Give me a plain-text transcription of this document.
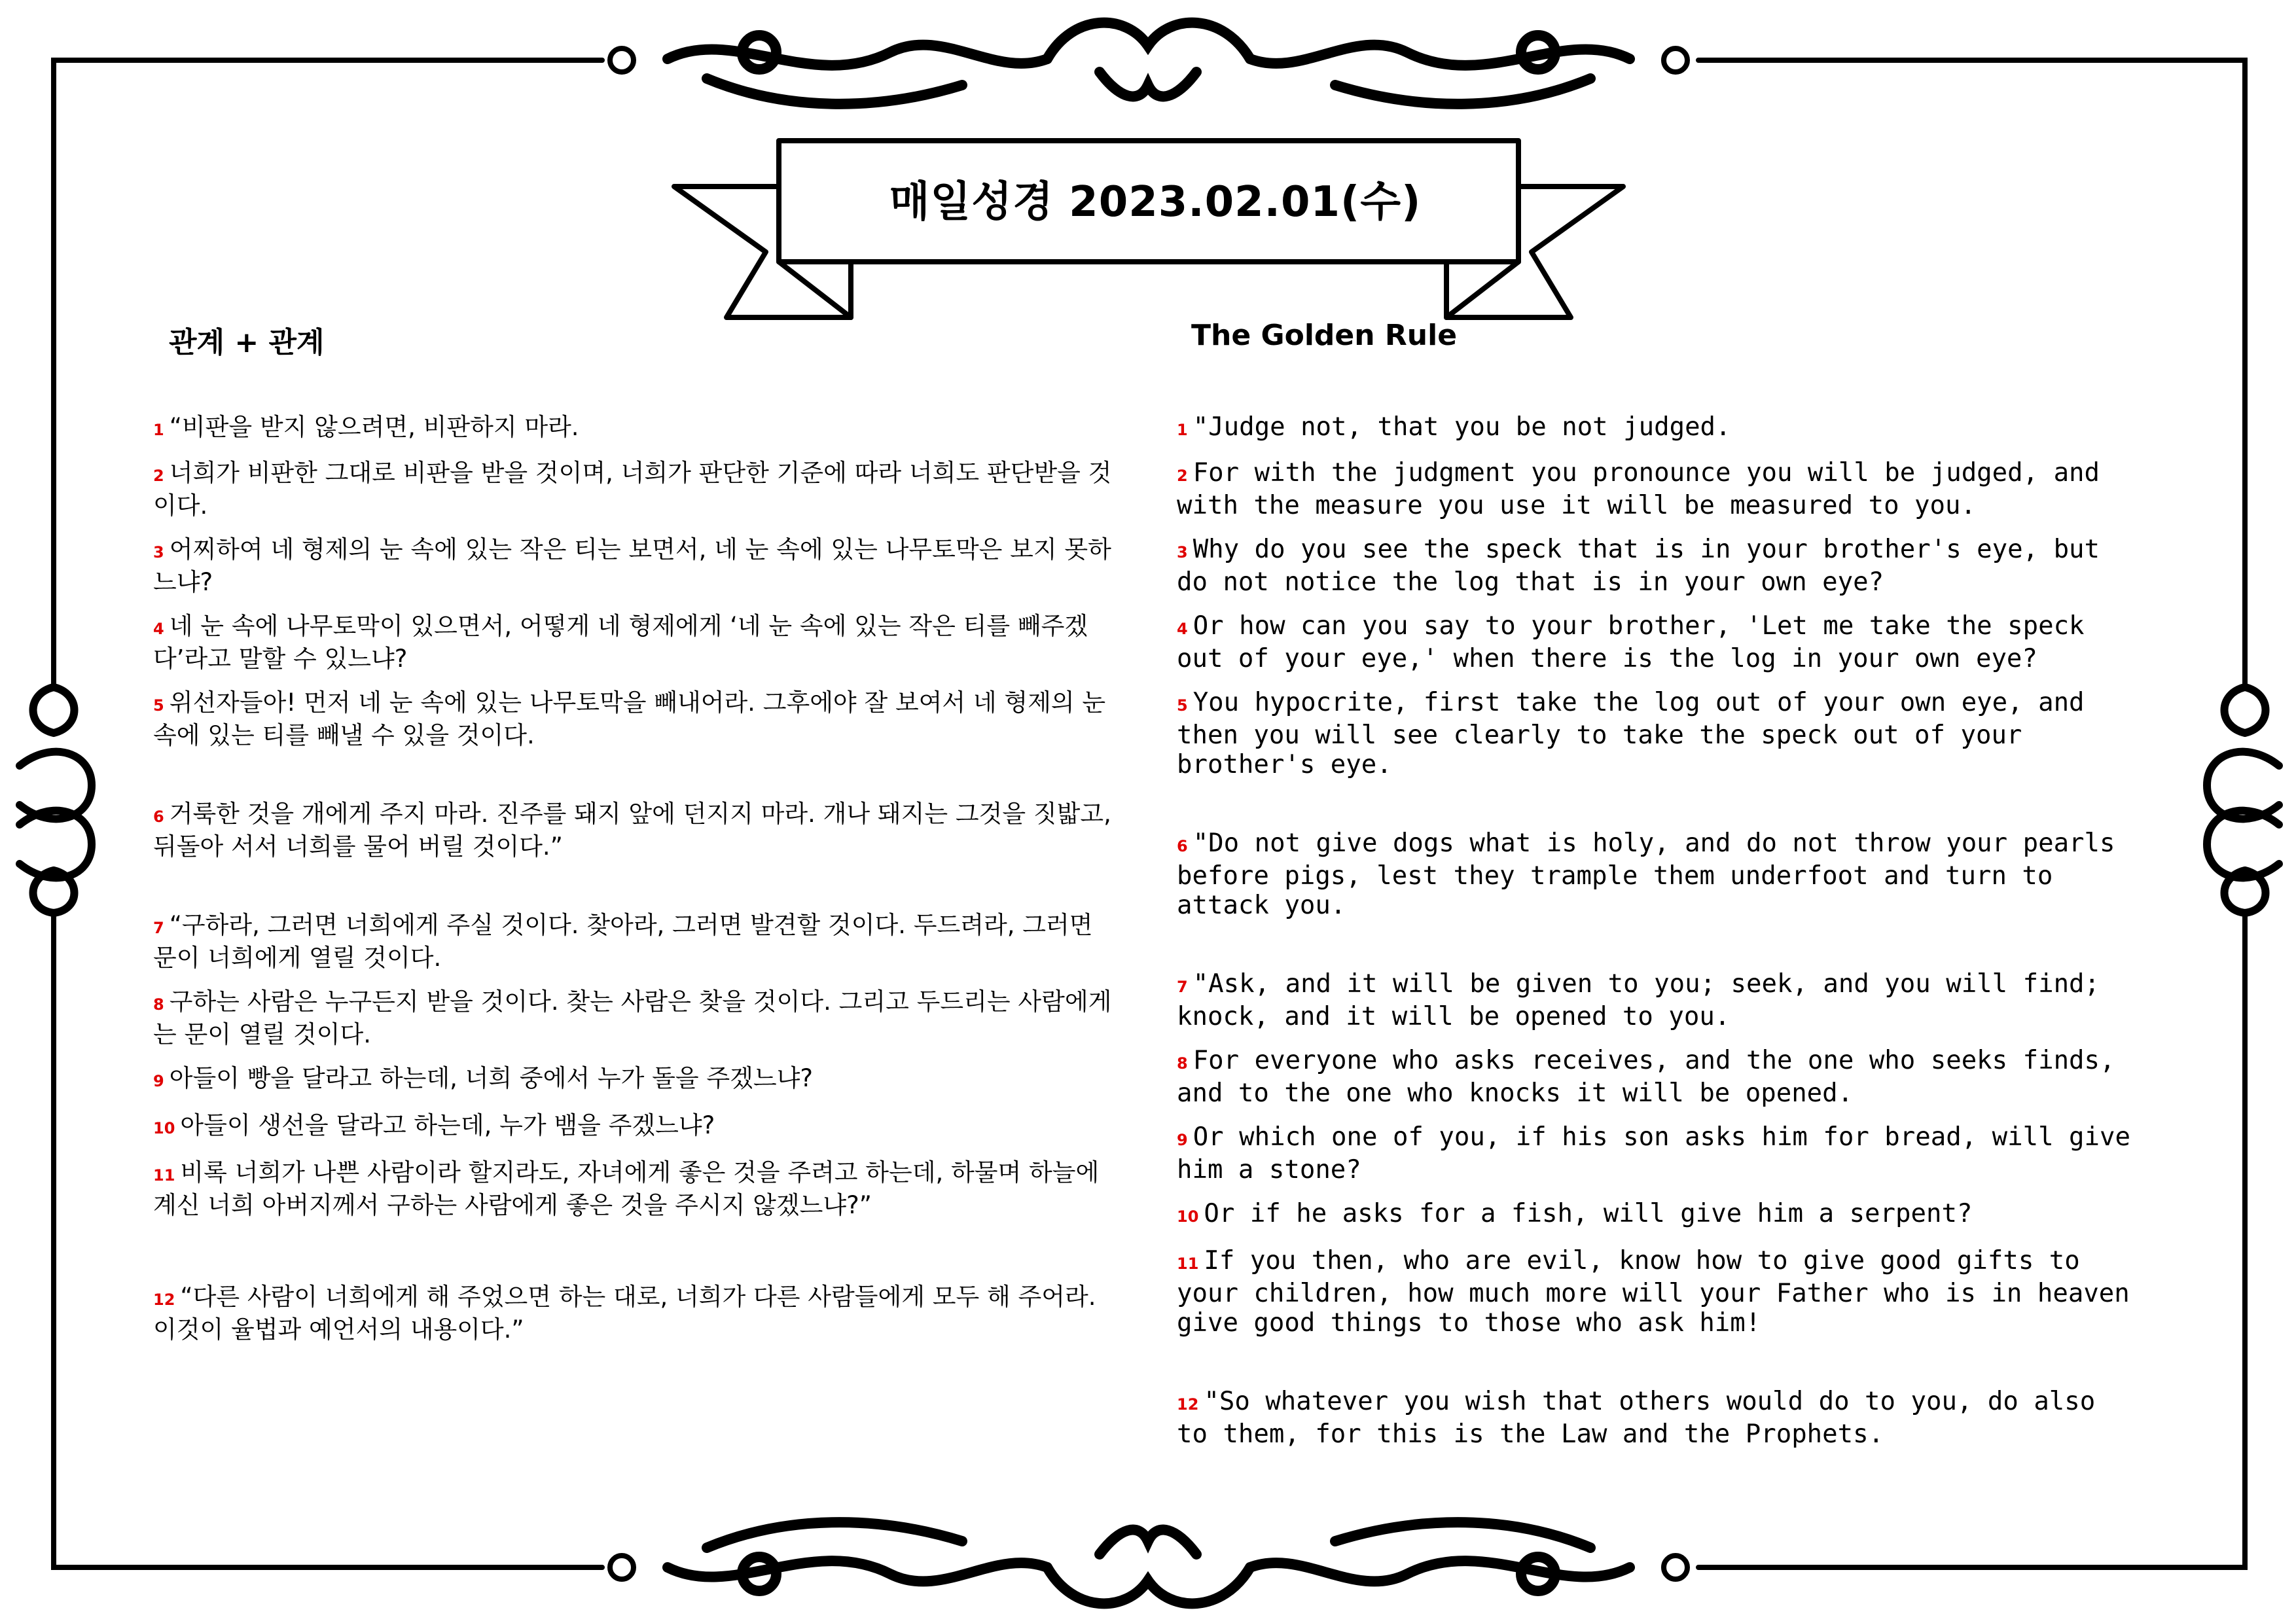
매일성경 2023.02.01(수)
관계 + 관계	The Golden Rule

1 “비판을 받지 않으려면, 비판하지 마라.

2 너희가 비판한 그대로 비판을 받을 것이며, 너희가 판단한 기준에 따라 너희도 판단받을 것이다.

3 어찌하여 네 형제의 눈 속에 있는 작은 티는 보면서, 네 눈 속에 있는 나무토막은 보지 못하느냐?

4 네 눈 속에 나무토막이 있으면서, 어떻게 네 형제에게 ‘네 눈 속에 있는 작은 티를 빼주겠다’라고 말할 수 있느냐?

5 위선자들아! 먼저 네 눈 속에 있는 나무토막을 빼내어라. 그후에야 잘 보여서 네 형제의 눈 속에 있는 티를 빼낼 수 있을 것이다.

6 거룩한 것을 개에게 주지 마라. 진주를 돼지 앞에 던지지 마라. 개나 돼지는 그것을 짓밟고, 뒤돌아 서서 너희를 물어 버릴 것이다.”

7 “구하라, 그러면 너희에게 주실 것이다. 찾아라, 그러면 발견할 것이다. 두드려라, 그러면 문이 너희에게 열릴 것이다.

8 구하는 사람은 누구든지 받을 것이다. 찾는 사람은 찾을 것이다. 그리고 두드리는 사람에게는 문이 열릴 것이다.

9 아들이 빵을 달라고 하는데, 너희 중에서 누가 돌을 주겠느냐?

10 아들이 생선을 달라고 하는데, 누가 뱀을 주겠느냐?

11 비록 너희가 나쁜 사람이라 할지라도, 자녀에게 좋은 것을 주려고 하는데, 하물며 하늘에 계신 너희 아버지께서 구하는 사람에게 좋은 것을 주시지 않겠느냐?”

12 “다른 사람이 너희에게 해 주었으면 하는 대로, 너희가 다른 사람들에게 모두 해 주어라. 이것이 율법과 예언서의 내용이다.”

1 "Judge not, that you be not judged.

2 For with the judgment you pronounce you will be judged, and with the measure you use it will be measured to you.

3 Why do you see the speck that is in your brother's eye, but do not notice the log that is in your own eye?

4 Or how can you say to your brother, 'Let me take the speck out of your eye,' when there is the log in your own eye?

5 You hypocrite, first take the log out of your own eye, and then you will see clearly to take the speck out of your brother's eye.

6 "Do not give dogs what is holy, and do not throw your pearls before pigs, lest they trample them underfoot and turn to attack you.

7 "Ask, and it will be given to you; seek, and you will find; knock, and it will be opened to you.

8 For everyone who asks receives, and the one who seeks finds, and to the one who knocks it will be opened.

9 Or which one of you, if his son asks him for bread, will give him a stone?

10 Or if he asks for a fish, will give him a serpent?

11 If you then, who are evil, know how to give good gifts to your children, how much more will your Father who is in heaven give good things to those who ask him!

12 "So whatever you wish that others would do to you, do also to them, for this is the Law and the Prophets.
